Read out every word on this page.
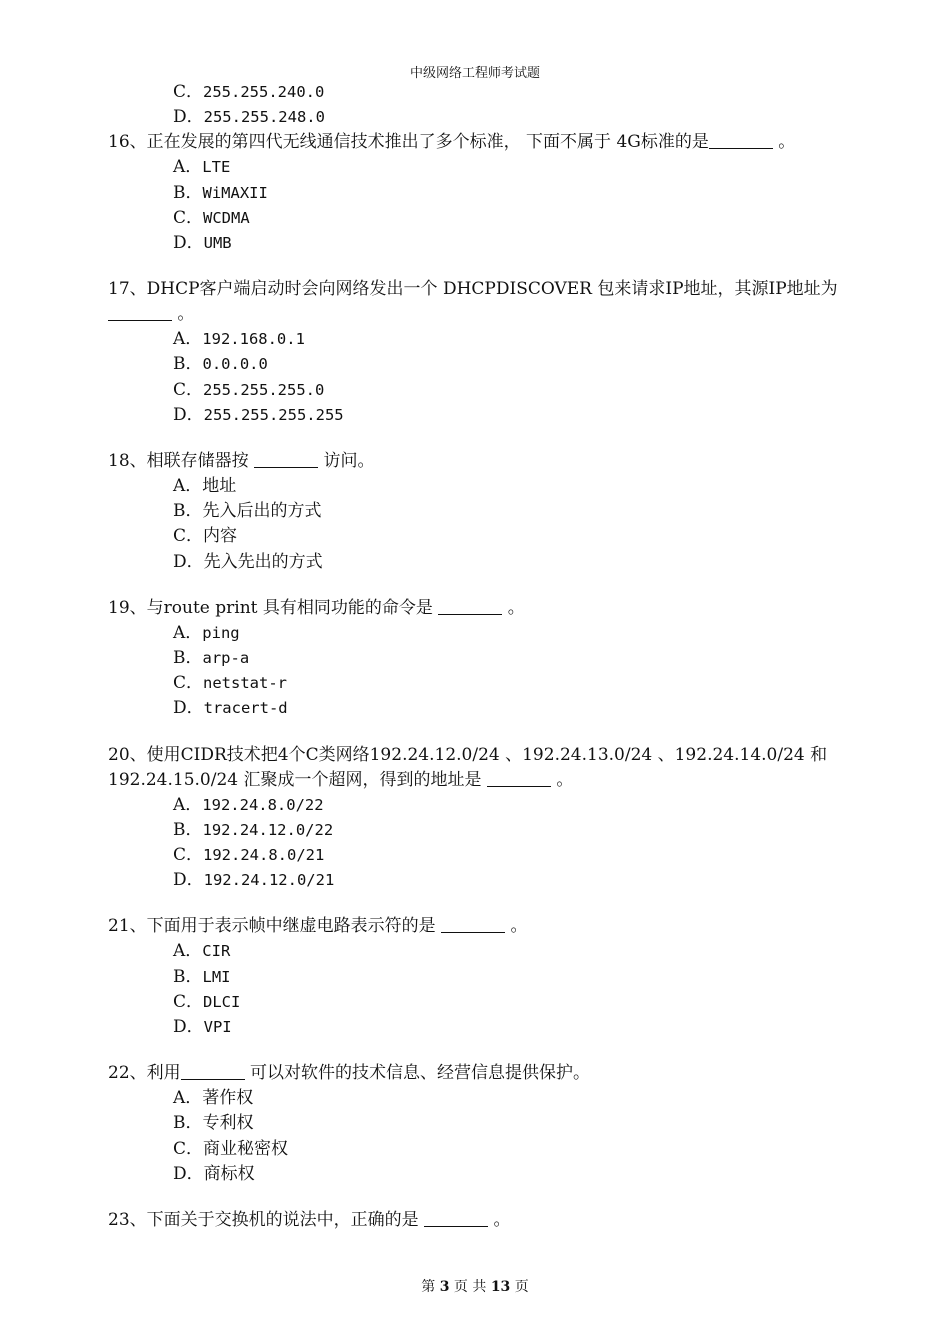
中级网络工程师考试题

C．255.255.240.0

D．255.255.248.0

16、正在发展的第四代无线通信技术推出了多个标准， 下面不属于 4G标准的是	。

A．LTE

B．WiMAXII

C．WCDMA

D．UMB

17、DHCP客户端启动时会向网络发出一个 DHCPDISCOVER 包来请求IP地址，其源IP地址为 。

A．192.168.0.1

B．0.0.0.0

C．255.255.255.0

D．255.255.255.255

18、相联存储器按	访问。

A．地址

B．先入后出的方式

C．内容

D．先入先出的方式

19、与route print 具有相同功能的命令是	。

A．ping

B．arp-a

C．netstat-r

D．tracert-d

20、使用CIDR技术把4个C类网络192.24.12.0/24 、192.24.13.0/24 、192.24.14.0/24 和192.24.15.0/24 汇聚成一个超网，得到的地址是	。

A．192.24.8.0/22

B．192.24.12.0/22

C．192.24.8.0/21

D．192.24.12.0/21

21、下面用于表示帧中继虚电路表示符的是	。

A．CIR

B．LMI

C．DLCI

D．VPI

22、利用	可以对软件的技术信息、经营信息提供保护。

A．著作权

B．专利权

C．商业秘密权

D．商标权

23、下面关于交换机的说法中，正确的是	。

第 3 页 共 13 页
